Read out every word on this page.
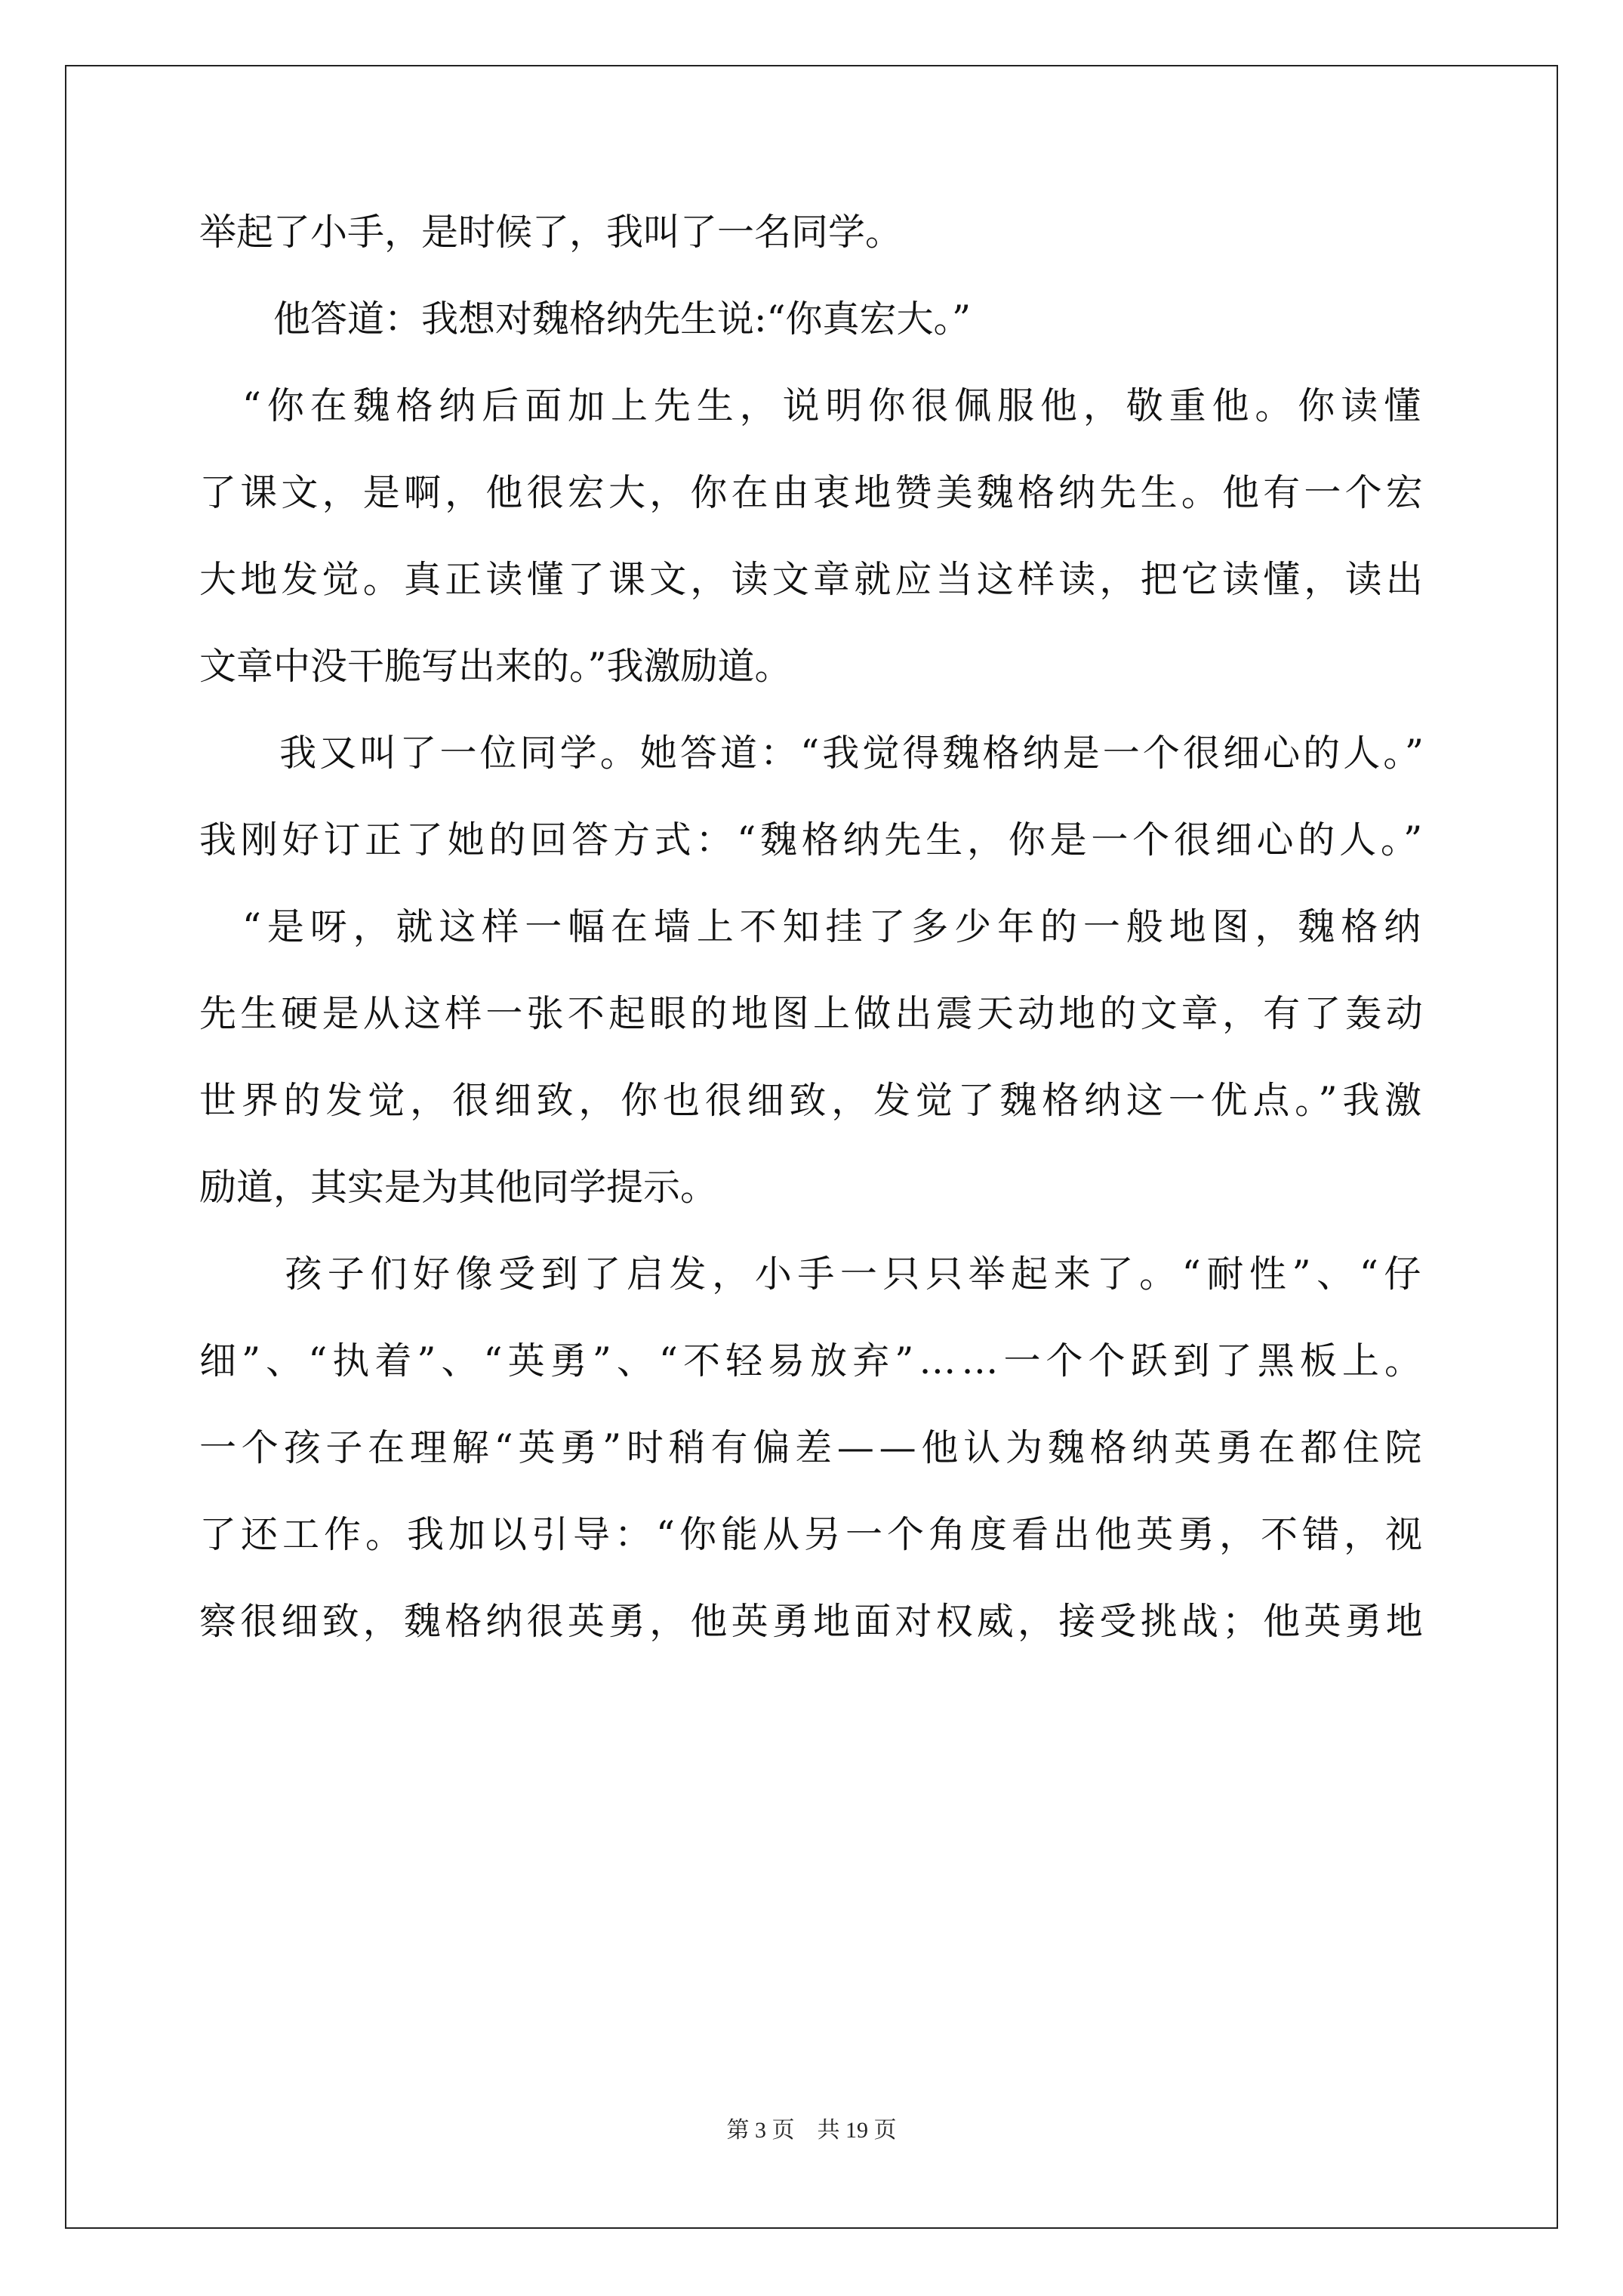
举起了小手，是时候了，我叫了一名同学。
　　他答道：我想对魏格纳先生说:“你真宏大。”
　“你在魏格纳后面加上先生，说明你很佩服他，敬重他。你读懂
了课文，是啊，他很宏大，你在由衷地赞美魏格纳先生。他有一个宏
大地发觉。真正读懂了课文，读文章就应当这样读，把它读懂，读出
文章中没干脆写出来的。”我激励道。
　　我又叫了一位同学。她答道：“我觉得魏格纳是一个很细心的人。”
我刚好订正了她的回答方式：“魏格纳先生，你是一个很细心的人。”
　“是呀，就这样一幅在墙上不知挂了多少年的一般地图，魏格纳
先生硬是从这样一张不起眼的地图上做出震天动地的文章，有了轰动
世界的发觉，很细致，你也很细致，发觉了魏格纳这一优点。”我激
励道，其实是为其他同学提示。
　　孩子们好像受到了启发，小手一只只举起来了。“耐性”、“仔
细”、“执着”、“英勇”、“不轻易放弃”……一个个跃到了黑板上。
一个孩子在理解“英勇”时稍有偏差——他认为魏格纳英勇在都住院
了还工作。我加以引导：“你能从另一个角度看出他英勇，不错，视
察很细致，魏格纳很英勇，他英勇地面对权威，接受挑战；他英勇地
第 3 页　共 19 页
